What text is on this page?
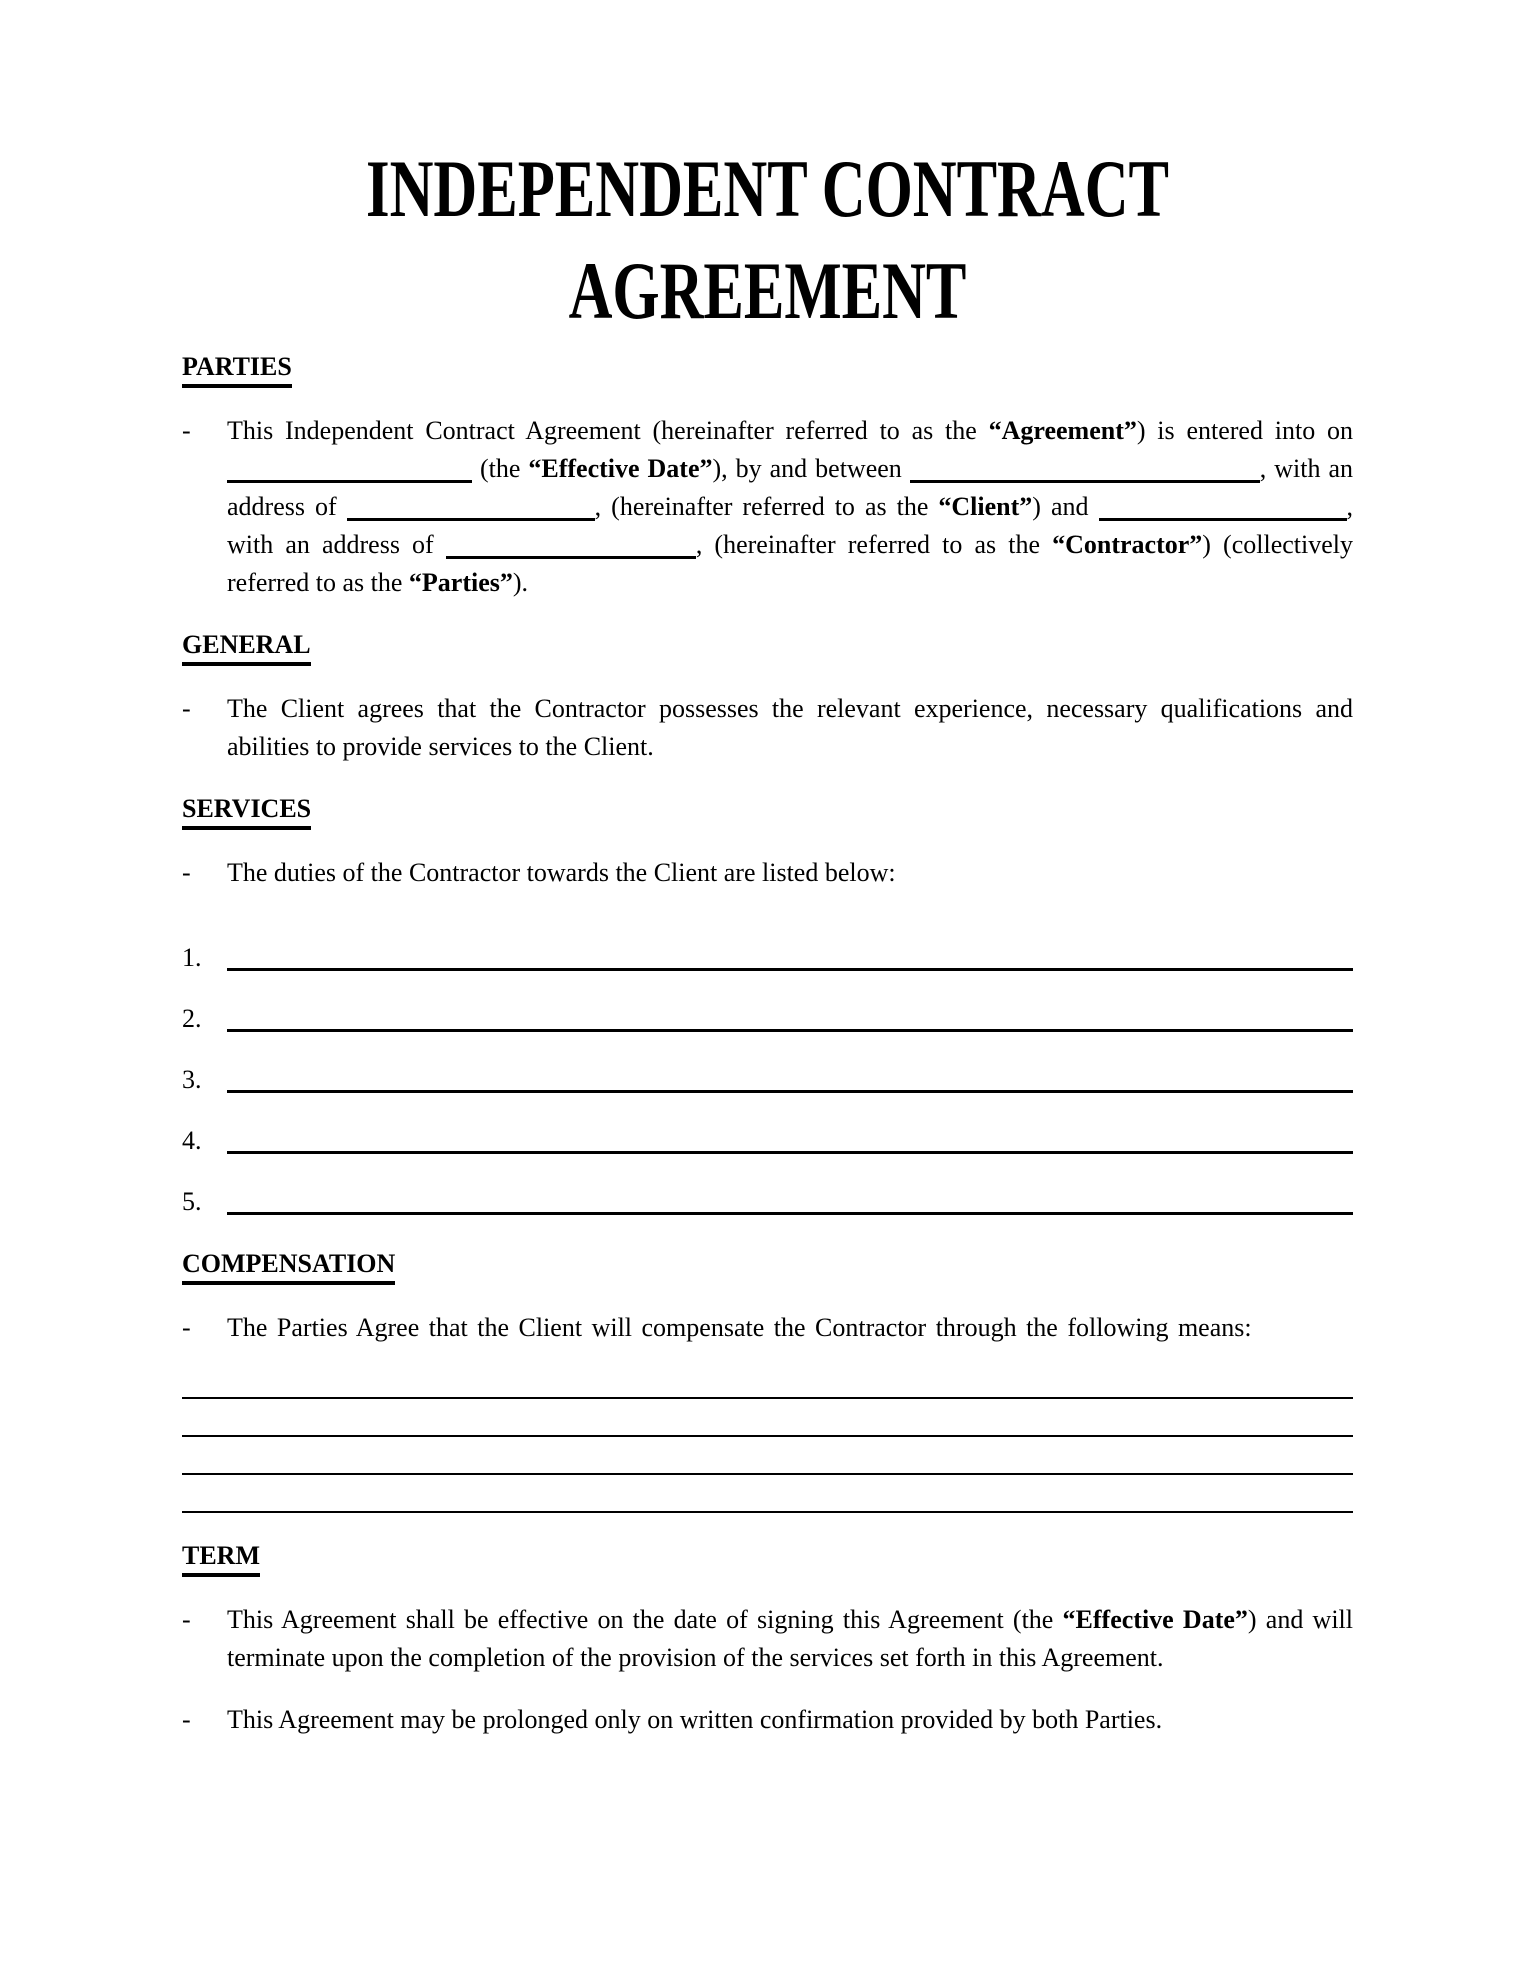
INDEPENDENT CONTRACT
AGREEMENT
PARTIES
-	This Independent Contract Agreement (hereinafter referred to as the “Agreement”) is entered into on  (the “Effective Date”), by and between	, with an address of	, (hereinafter referred to as the “Client”) and	, with an address of	, (hereinafter referred to as the “Contractor”) (collectively referred to as the “Parties”).

GENERAL
-	The Client agrees that the Contractor possesses the relevant experience, necessary qualifications and abilities to provide services to the Client.

SERVICES
-	The duties of the Contractor towards the Client are listed below:

1.
2.
3.
4.
5.
COMPENSATION
-	The Parties Agree that the Client will compensate the Contractor through the following means:

TERM
-	This Agreement shall be effective on the date of signing this Agreement (the “Effective Date”) and will terminate upon the completion of the provision of the services set forth in this Agreement.

-	This Agreement may be prolonged only on written confirmation provided by both Parties.
